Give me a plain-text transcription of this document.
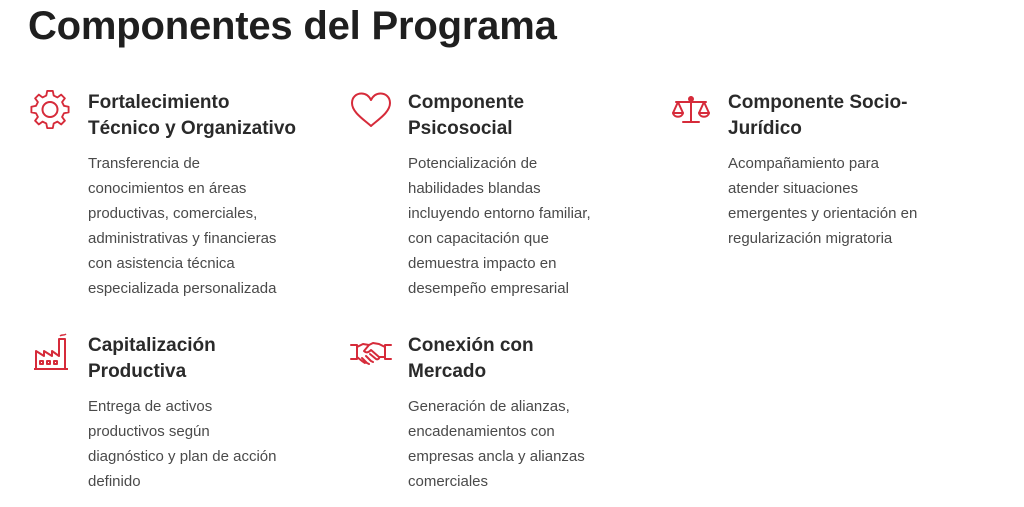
Componentes del Programa
Fortalecimiento
Técnico y Organizativo

Transferencia de
conocimientos en áreas
productivas, comerciales,
administrativas y financieras
con asistencia técnica
especializada personalizada

Componente
Psicosocial

Potencialización de
habilidades blandas
incluyendo entorno familiar,
con capacitación que
demuestra impacto en
desempeño empresarial

Componente Socio-
Jurídico

Acompañamiento para
atender situaciones
emergentes y orientación en
regularización migratoria

Capitalización
Productiva

Entrega de activos
productivos según
diagnóstico y plan de acción
definido

Conexión con
Mercado

Generación de alianzas,
encadenamientos con
empresas ancla y alianzas
comerciales
